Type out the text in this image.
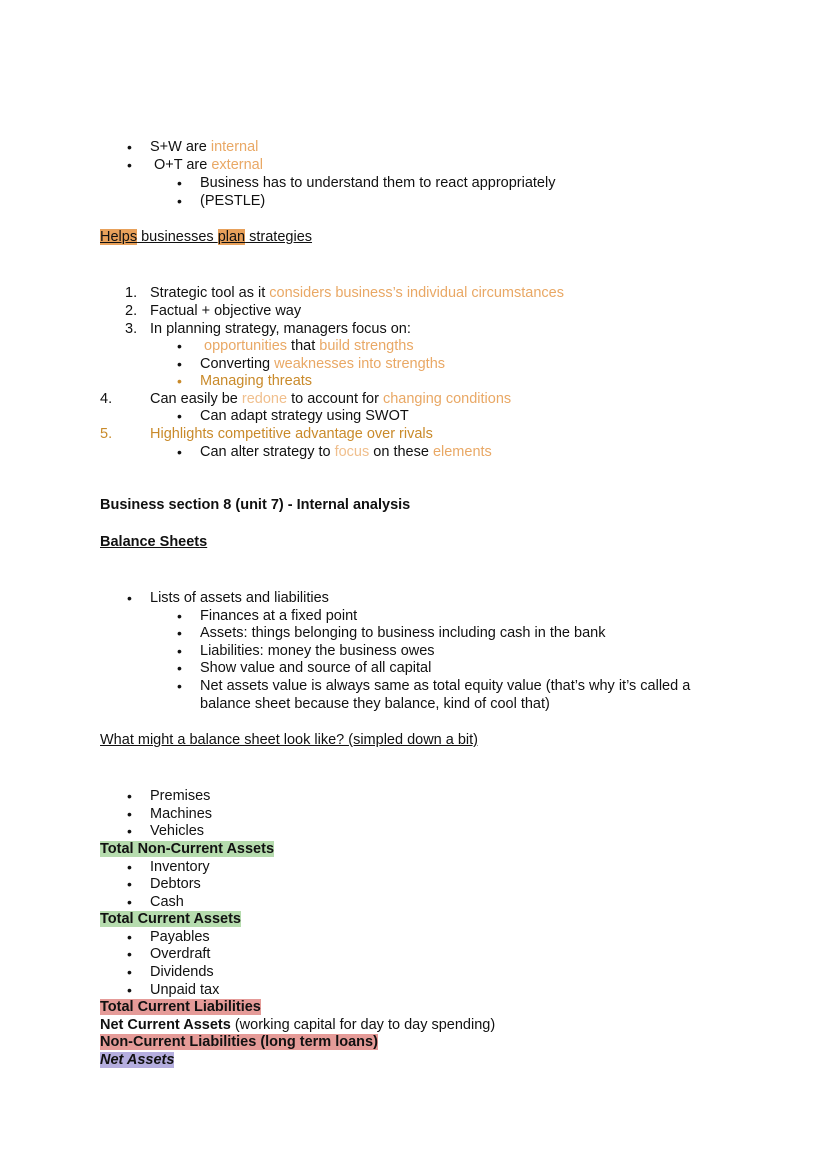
• S+W are internal
• O+T are external
• Business has to understand them to react appropriately
• (PESTLE)
Helps businesses plan strategies
1. Strategic tool as it considers business’s individual circumstances
2. Factual + objective way
3. In planning strategy, managers focus on:
• opportunities that build strengths
• Converting weaknesses into strengths
• Managing threats
4.	Can easily be redone to account for changing conditions
• Can adapt strategy using SWOT
5.	Highlights competitive advantage over rivals
• Can alter strategy to focus on these elements
Business section 8 (unit 7) - Internal analysis
Balance Sheets
• Lists of assets and liabilities
• Finances at a fixed point
• Assets: things belonging to business including cash in the bank
• Liabilities: money the business owes
• Show value and source of all capital
• Net assets value is always same as total equity value (that’s why it’s called a
balance sheet because they balance, kind of cool that)
What might a balance sheet look like? (simpled down a bit)
• Premises
• Machines
• Vehicles
Total Non-Current Assets
• Inventory
• Debtors
• Cash
Total Current Assets
• Payables
• Overdraft
• Dividends
• Unpaid tax
Total Current Liabilities
Net Current Assets (working capital for day to day spending)
Non-Current Liabilities (long term loans)
Net Assets
